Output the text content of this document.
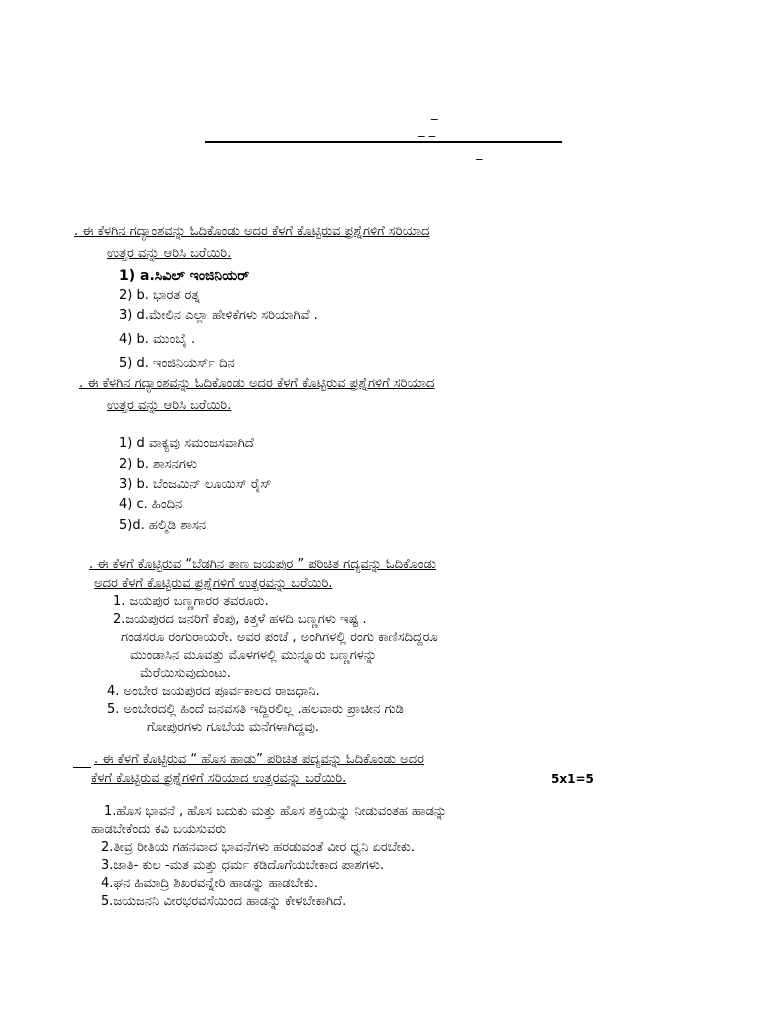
_
_ _
_
. ಈ ಕೆಳಗಿನ ಗದ್ಯಾಂಶವನ್ನು ಓದಿಕೊಂಡು ಅದರ ಕೆಳಗೆ ಕೊಟ್ಟಿರುವ ಪ್ರಶ್ನೆಗಳಿಗೆ ಸರಿಯಾದ
ಉತ್ತರ ವನ್ನು ಆರಿಸಿ ಬರೆಯಿರಿ.
1) a.ಸಿವಿಲ್ ಇಂಜಿನಿಯರ್
2) b. ಭಾರತ ರತ್ನ
3) d.ಮೇಲಿನ ಎಲ್ಲಾ ಹೇಳಿಕೆಗಳು ಸರಿಯಾಗಿವೆ .
4) b. ಮುಂಬೈ .
5) d. ಇಂಜಿನಿಯರ್ಸ್ ದಿನ
. ಈ ಕೆಳಗಿನ ಗದ್ಯಾಂಶವನ್ನು ಓದಿಕೊಂಡು ಅದರ ಕೆಳಗೆ ಕೊಟ್ಟಿರುವ ಪ್ರಶ್ನೆಗಳಿಗೆ ಸರಿಯಾದ
ಉತ್ತರ ವನ್ನು ಆರಿಸಿ ಬರೆಯಿರಿ.
1) d ವಾಕ್ಯವು ಸಮಂಜಸವಾಗಿದೆ
2) b. ಶಾಸನಗಳು
3) b. ಬೆಂಜಮಿನ್ ಲೂಯಿಸ್ ರೈಸ್
4) c. ಹಿಂದಿನ
5)d. ಹಲ್ಮಿಡಿ ಶಾಸನ
. ಈ ಕೆಳಗೆ ಕೊಟ್ಟಿರುವ “ಬೆಡಗಿನ ತಾಣ ಜಯಪುರ ” ಪರಿಚಿತ ಗದ್ಯವನ್ನು ಓದಿಕೊಂಡು
ಅದರ ಕೆಳಗೆ ಕೊಟ್ಟಿರುವ ಪ್ರಶ್ನೆಗಳಿಗೆ ಉತ್ತರವನ್ನು ಬರೆಯಿರಿ.
1. ಜಯಪುರ ಬಣ್ಣಗಾರರ ತವರೂರು.
2.ಜಯಪುರದ ಜನರಿಗೆ ಕೆಂಪು, ಕಿತ್ತಳೆ ಹಳದಿ ಬಣ್ಣಗಳು ಇಷ್ಟ .
ಗಂಡಸರೂ ರಂಗುರಾಯರೇ. ಅವರ ಪಂಚೆ , ಅಂಗಿಗಳಲ್ಲಿ ರಂಗು ಕಾಣಿಸದಿದ್ದರೂ
ಮುಂಡಾಸಿನ ಮೂವತ್ತು ಮೊಳಗಳಲ್ಲಿ ಮುನ್ನೂರು ಬಣ್ಣಗಳನ್ನು
ಮೆರೆಯಿಸುವುದುಂಟು.
4. ಅಂಬೇರ ಜಯಪುರದ ಪೂರ್ವಕಾಲದ ರಾಜಧಾನಿ.
5. ಅಂಬೇರದಲ್ಲಿ ಹಿಂದೆ ಜನವಸತಿ ಇದ್ದಿರಲಿಲ್ಲ .ಹಲವಾರು ಪ್ರಾಚೀನ ಗುಡಿ
ಗೋಪುರಗಳು ಗೂಬೆಯ ಮನೆಗಳಾಗಿದ್ದವು.
. ಈ ಕೆಳಗೆ ಕೊಟ್ಟಿರುವ “ ಹೊಸ ಹಾಡು” ಪರಿಚಿತ ಪದ್ಯವನ್ನು ಓದಿಕೊಂಡು ಅದರ
ಕೆಳಗೆ ಕೊಟ್ಟಿರುವ ಪ್ರಶ್ನೆಗಳಿಗೆ ಸರಿಯಾದ ಉತ್ತರವನ್ನು ಬರೆಯಿರಿ.	5x1=5
1.ಹೊಸ ಭಾವನೆ , ಹೊಸ ಬದುಕು ಮತ್ತು ಹೊಸ ಶಕ್ತಿಯನ್ನು ನೀಡುವಂತಹ ಹಾಡನ್ನು
ಹಾಡಬೇಕೆಂದು ಕವಿ ಬಯಸುವರು
2.ತೀವ್ರ ರೀತಿಯ ಗಹನವಾದ ಭಾವನೆಗಳು ಹರಡುವಂತೆ ವೀರ ಧ್ವನಿ ಏರಬೇಕು.
3.ಜಾತಿ- ಕುಲ -ಮತ ಮತ್ತು ಧರ್ಮ ಕಡಿದೊಗೆಯಬೇಕಾದ ಪಾಶಗಳು.
4.ಘನ ಹಿಮಾದ್ರಿ ಶಿಖರವನ್ನೇರಿ ಹಾಡನ್ನು ಹಾಡಬೇಕು.
5.ಜಯಜನನಿ ವೀರಭರವಸೆಯಿಂದ ಹಾಡನ್ನು ಕೇಳಬೇಕಾಗಿದೆ.
